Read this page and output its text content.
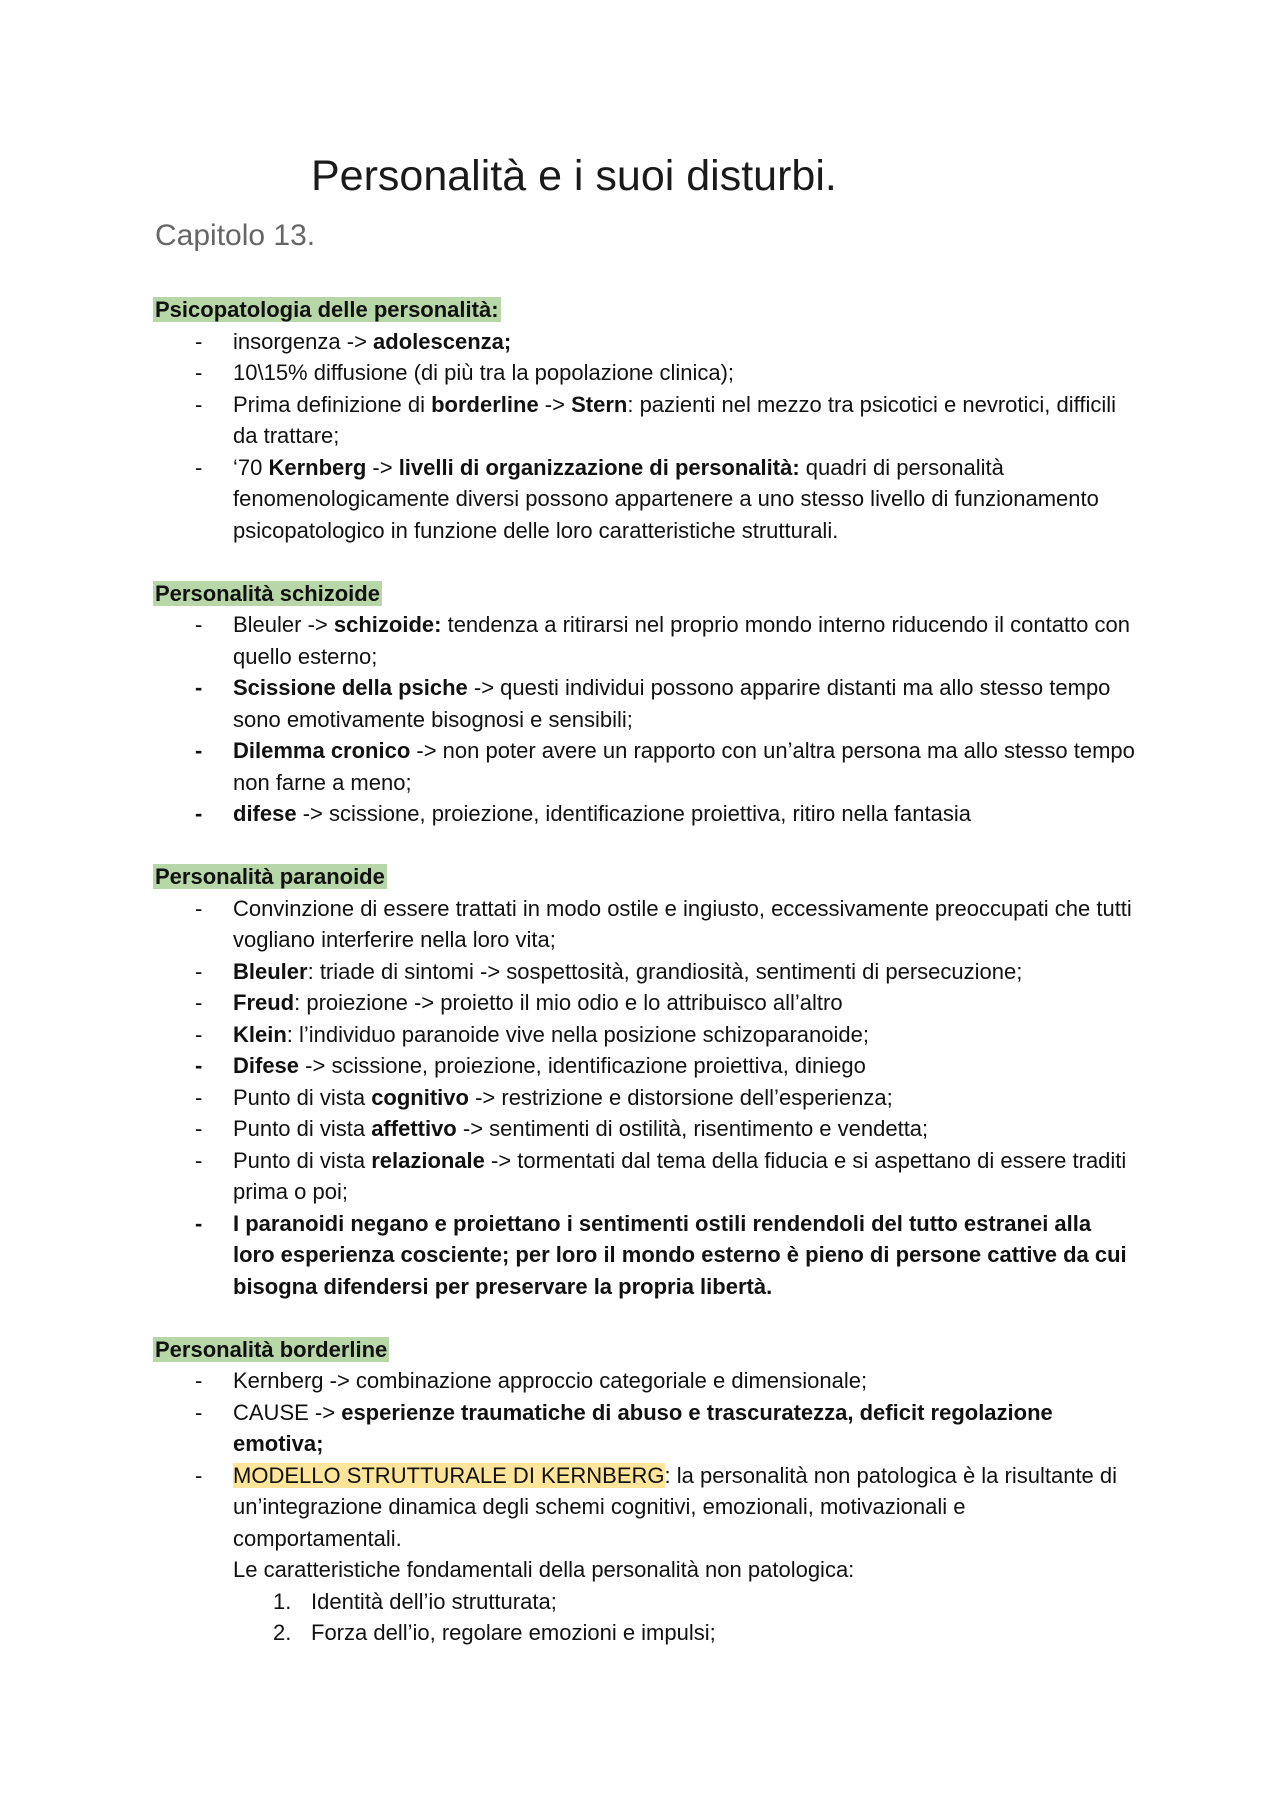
Personalità e i suoi disturbi.
Capitolo 13.

Psicopatologia delle personalità:

- insorgenza -> adolescenza;
- 10\15% diffusione (di più tra la popolazione clinica);
- Prima definizione di borderline -> Stern: pazienti nel mezzo tra psicotici e nevrotici, difficili da trattare;
- ‘70 Kernberg -> livelli di organizzazione di personalità: quadri di personalità fenomenologicamente diversi possono appartenere a uno stesso livello di funzionamento psicopatologico in funzione delle loro caratteristiche strutturali.

Personalità schizoide

- Bleuler -> schizoide: tendenza a ritirarsi nel proprio mondo interno riducendo il contatto con quello esterno;
- Scissione della psiche -> questi individui possono apparire distanti ma allo stesso tempo sono emotivamente bisognosi e sensibili;
- Dilemma cronico -> non poter avere un rapporto con un’altra persona ma allo stesso tempo non farne a meno;
- difese -> scissione, proiezione, identificazione proiettiva, ritiro nella fantasia

Personalità paranoide

- Convinzione di essere trattati in modo ostile e ingiusto, eccessivamente preoccupati che tutti vogliano interferire nella loro vita;
- Bleuler: triade di sintomi -> sospettosità, grandiosità, sentimenti di persecuzione;
- Freud: proiezione -> proietto il mio odio e lo attribuisco all’altro
- Klein: l’individuo paranoide vive nella posizione schizoparanoide;
- Difese -> scissione, proiezione, identificazione proiettiva, diniego
- Punto di vista cognitivo -> restrizione e distorsione dell’esperienza;
- Punto di vista affettivo -> sentimenti di ostilità, risentimento e vendetta;
- Punto di vista relazionale -> tormentati dal tema della fiducia e si aspettano di essere traditi prima o poi;
- I paranoidi negano e proiettano i sentimenti ostili rendendoli del tutto estranei alla loro esperienza cosciente; per loro il mondo esterno è pieno di persone cattive da cui bisogna difendersi per preservare la propria libertà.

Personalità borderline

- Kernberg -> combinazione approccio categoriale e dimensionale;
- CAUSE -> esperienze traumatiche di abuso e trascuratezza, deficit regolazione emotiva;
- MODELLO STRUTTURALE DI KERNBERG: la personalità non patologica è la risultante di un’integrazione dinamica degli schemi cognitivi, emozionali, motivazionali e comportamentali.
Le caratteristiche fondamentali della personalità non patologica:
1. Identità dell’io strutturata;
2. Forza dell’io, regolare emozioni e impulsi;
